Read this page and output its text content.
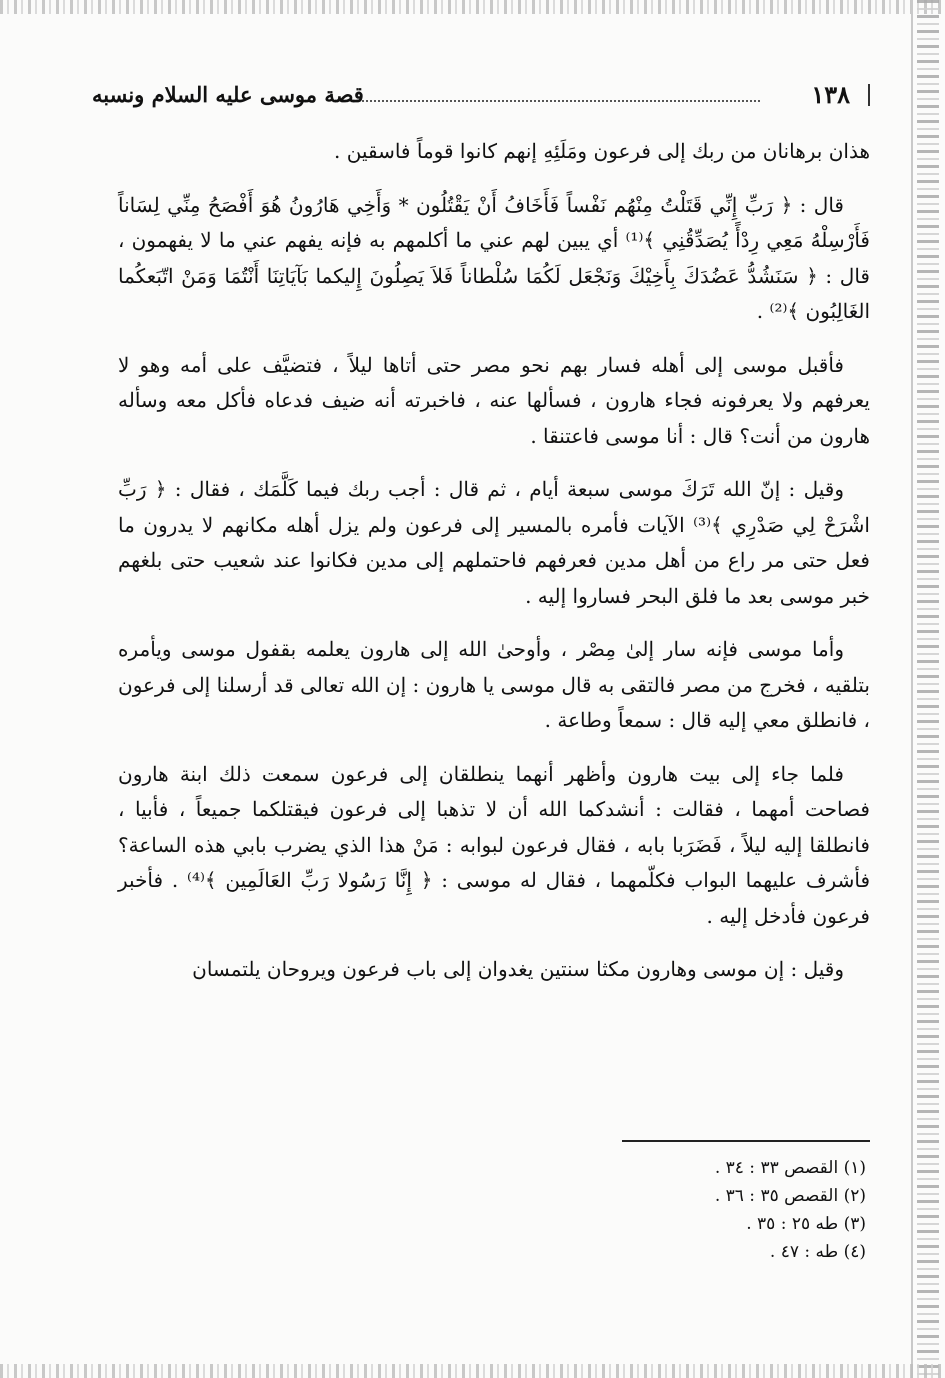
١٣٨
قصة موسى عليه السلام ونسبه

هذان برهانان من ربك إلى فرعون ومَلَئِهِ إنهم كانوا قوماً فاسقين .

قال : ﴿ رَبِّ إِنِّي قَتَلْتُ مِنْهُم نَفْساً فَأَخَافُ أَنْ يَقْتُلُون * وَأَخِي هَارُونُ هُوَ أَفْصَحُ مِنِّي لِسَاناً فَأَرْسِلْهُ مَعِي رِدْأً يُصَدِّقُنِي ﴾⁽¹⁾ أي يبين لهم عني ما أكلمهم به فإنه يفهم عني ما لا يفهمون ، قال : ﴿ سَنَشُدُّ عَضُدَكَ بِأَخِيْكَ وَنَجْعَل لَكُمَا سُلْطاناً فَلاَ يَصِلُونَ إِليكما بَآيَاتِنَا أَنْتُمَا وَمَنْ اتّبَعكُما الغَالِبُون ﴾⁽²⁾ .

فأقبل موسى إلى أهله فسار بهم نحو مصر حتى أتاها ليلاً ، فتضيَّف على أمه وهو لا يعرفهم ولا يعرفونه فجاء هارون ، فسألها عنه ، فاخبرته أنه ضيف فدعاه فأكل معه وسأله هارون من أنت؟ قال : أنا موسى فاعتنقا .

وقيل : إنّ الله تَرَكَ موسى سبعة أيام ، ثم قال : أجب ربك فيما كَلَّمَك ، فقال : ﴿ رَبِّ اشْرَحْ لِي صَدْرِي ﴾⁽³⁾ الآيات فأمره بالمسير إلى فرعون ولم يزل أهله مكانهم لا يدرون ما فعل حتى مر راع من أهل مدين فعرفهم فاحتملهم إلى مدين فكانوا عند شعيب حتى بلغهم خبر موسى بعد ما فلق البحر فساروا إليه .

وأما موسى فإنه سار إلىٰ مِصْر ، وأوحىٰ الله إلى هارون يعلمه بقفول موسى ويأمره بتلقيه ، فخرج من مصر فالتقى به قال موسى يا هارون : إن الله تعالى قد أرسلنا إلى فرعون ، فانطلق معي إليه قال : سمعاً وطاعة .

فلما جاء إلى بيت هارون وأظهر أنهما ينطلقان إلى فرعون سمعت ذلك ابنة هارون فصاحت أمهما ، فقالت : أنشدكما الله أن لا تذهبا إلى فرعون فيقتلكما جميعاً ، فأبيا ، فانطلقا إليه ليلاً ، فَضَرَبا بابه ، فقال فرعون لبوابه : مَنْ هذا الذي يضرب بابي هذه الساعة؟ فأشرف عليهما البواب فكلّمهما ، فقال له موسى : ﴿ إِنَّا رَسُولا رَبِّ العَالَمِين ﴾⁽⁴⁾ . فأخبر فرعون فأدخل إليه .

وقيل : إن موسى وهارون مكثا سنتين يغدوان إلى باب فرعون ويروحان يلتمسان

(١) القصص ٣٣ : ٣٤ .
(٢) القصص ٣٥ : ٣٦ .
(٣) طه ٢٥ : ٣٥ .
(٤) طه : ٤٧ .
